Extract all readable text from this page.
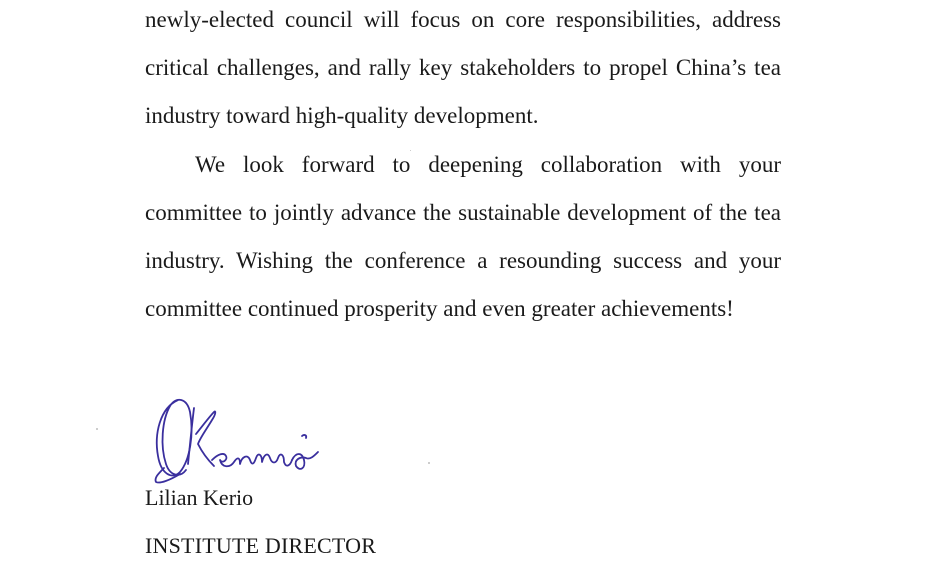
newly-elected council will focus on core responsibilities, address critical challenges, and rally key stakeholders to propel China’s tea industry toward high-quality development.

We look forward to deepening collaboration with your committee to jointly advance the sustainable development of the tea industry. Wishing the conference a resounding success and your committee continued prosperity and even greater achievements!

Lilian Kerio

INSTITUTE DIRECTOR
